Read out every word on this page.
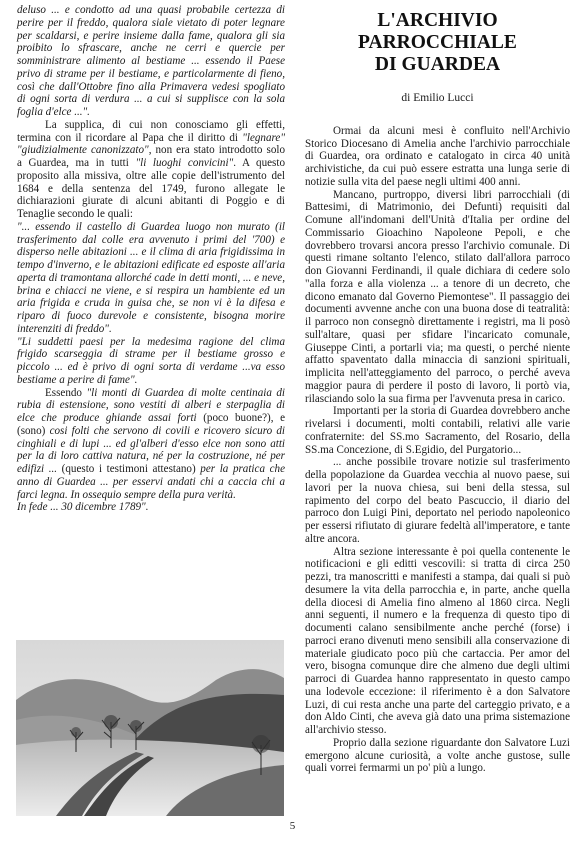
deluso ... e condotto ad una quasi probabile certezza di perire per il freddo, qualora siale vietato di poter legnare per scaldarsi, e perire insieme dalla fame, qualora gli sia proibito lo sfrascare, anche ne cerri e quercie per somministrare alimento al bestiame ... essendo il Paese privo di strame per il bestiame, e particolarmente di fieno, così che dall'Ottobre fino alla Primavera vedesi spogliato di ogni sorta di verdura ... a cui si supplisce con la sola foglia d'elce ...".

La supplica, di cui non conosciamo gli effetti, termina con il ricordare al Papa che il diritto di "legnare" "giudizialmente canonizzato", non era stato introdotto solo a Guardea, ma in tutti "li luoghi convicini". A questo proposito alla missiva, oltre alle copie dell'istrumento del 1684 e della sentenza del 1749, furono allegate le dichiarazioni giurate di alcuni abitanti di Poggio e di Tenaglie secondo le quali:

"... essendo il castello di Guardea luogo non murato (il trasferimento dal colle era avvenuto i primi del '700) e disperso nelle abitazioni ... e il clima di aria frigidissima in tempo d'inverno, e le abitazioni edificate ed esposte all'aria aperta di tramontana allorché cade in detti monti, ... e neve, brina e chiacci ne viene, e si respira un hambiente ed un aria frigida e cruda in guisa che, se non vi è la difesa e riparo di fuoco durevole e consistente, bisogna morire interenziti di freddo".

"Li suddetti paesi per la medesima ragione del clima frigido scarseggia di strame per il bestiame grosso e piccolo ... ed è privo di ogni sorta di verdame ...va esso bestiame a perire di fame".

Essendo "li monti di Guardea di molte centinaia di rubia di estensione, sono vestiti di alberi e sterpaglia di elce che produce ghiande assai forti (poco buone?), e (sono) cosi folti che servono di covili e ricovero sicuro di cinghiali e di lupi ... ed gl'alberi d'esso elce non sono atti per la di loro cattiva natura, né per la costruzione, né per edifizi ... (questo i testimoni attestano) per la pratica che anno di Guardea ... per esservi andati chi a caccia chi a farci legna. In ossequio sempre della pura verità.

In fede ... 30 dicembre 1789".

L'ARCHIVIO PARROCCHIALE
DI GUARDEA

di Emilio Lucci

Ormai da alcuni mesi è confluito nell'Archivio Storico Diocesano di Amelia anche l'archivio parrocchiale di Guardea, ora ordinato e catalogato in circa 40 unità archivistiche, da cui può essere estratta una lunga serie di notizie sulla vita del paese negli ultimi 400 anni.

Mancano, purtroppo, diversi libri parrocchiali (di Battesimi, di Matrimonio, dei Defunti) requisiti dal Comune all'indomani dell'Unità d'Italia per ordine del Commissario Gioachino Napoleone Pepoli, e che dovrebbero trovarsi ancora presso l'archivio comunale. Di questi rimane soltanto l'elenco, stilato dall'allora parroco don Giovanni Ferdinandi, il quale dichiara di cedere solo "alla forza e alla violenza ... a tenore di un decreto, che dicono emanato dal Governo Piemontese". Il passaggio dei documenti avvenne anche con una buona dose di teatralità: il parroco non consegnò direttamente i registri, ma li posò sull'altare, quasi per sfidare l'incaricato comunale, Giuseppe Cinti, a portarli via; ma questi, o perché niente affatto spaventato dalla minaccia di sanzioni spirituali, implicita nell'atteggiamento del parroco, o perché aveva maggior paura di perdere il posto di lavoro, li portò via, rilasciando solo la sua firma per l'avvenuta presa in carico.

Importanti per la storia di Guardea dovrebbero anche rivelarsi i documenti, molti contabili, relativi alle varie confraternite: del SS.mo Sacramento, del Rosario, della SS.ma Concezione, di S.Egidio, del Purgatorio...

... anche possibile trovare notizie sul trasferimento della popolazione da Guardea vecchia al nuovo paese, sui lavori per la nuova chiesa, sui beni della stessa, sul rapimento del corpo del beato Pascuccio, il diario del parroco don Luigi Pini, deportato nel periodo napoleonico per essersi rifiutato di giurare fedeltà all'imperatore, e tante altre ancora.

Altra sezione interessante è poi quella contenente le notificacioni e gli editti vescovili: si tratta di circa 250 pezzi, tra manoscritti e manifesti a stampa, dai quali si può desumere la vita della parrocchia e, in parte, anche quella della diocesi di Amelia fino almeno al 1860 circa. Negli anni seguenti, il numero e la frequenza di questo tipo di documenti calano sensibilmente anche perché (forse) i parroci erano divenuti meno sensibili alla conservazione di materiale giudicato poco più che cartaccia. Per amor del vero, bisogna comunque dire che almeno due degli ultimi parroci di Guardea hanno rappresentato in questo campo una lodevole eccezione: il riferimento è a don Salvatore Luzi, di cui resta anche una parte del carteggio privato, e a don Aldo Cinti, che aveva già dato una prima sistemazione all'archivio stesso.

Proprio dalla sezione riguardante don Salvatore Luzi emergono alcune curiosità, a volte anche gustose, sulle quali vorrei fermarmi un po' più a lungo.

5
